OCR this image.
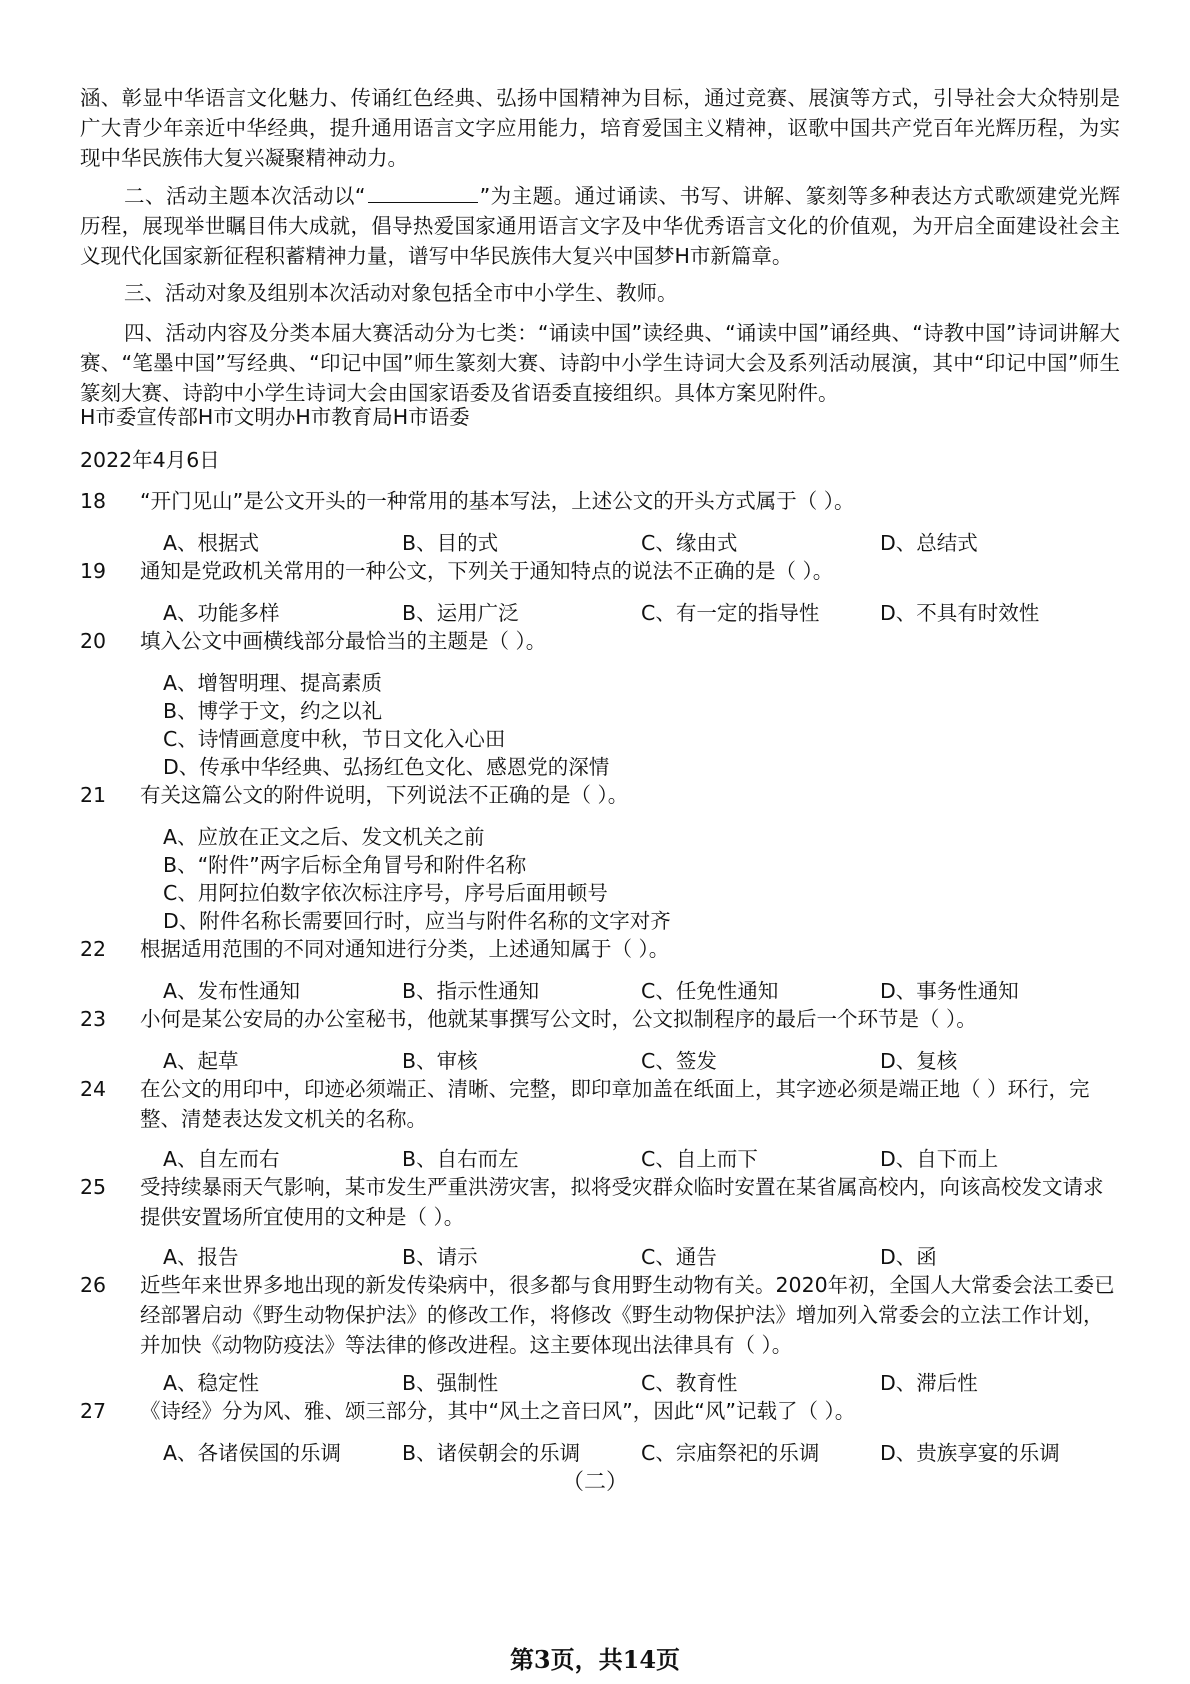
涵、彰显中华语言文化魅力、传诵红色经典、弘扬中国精神为目标，通过竞赛、展演等方式，引导社会大众特别是广大青少年亲近中华经典，提升通用语言文字应用能力，培育爱国主义精神，讴歌中国共产党百年光辉历程，为实现中华民族伟大复兴凝聚精神动力。
二、活动主题本次活动以“	”为主题。通过诵读、书写、讲解、篆刻等多种表达方式歌颂建党光辉历程，展现举世瞩目伟大成就，倡导热爱国家通用语言文字及中华优秀语言文化的价值观，为开启全面建设社会主义现代化国家新征程积蓄精神力量，谱写中华民族伟大复兴中国梦H市新篇章。
三、活动对象及组别本次活动对象包括全市中小学生、教师。
四、活动内容及分类本届大赛活动分为七类：“诵读中国”读经典、“诵读中国”诵经典、“诗教中国”诗词讲解大赛、“笔墨中国”写经典、“印记中国”师生篆刻大赛、诗韵中小学生诗词大会及系列活动展演，其中“印记中国”师生篆刻大赛、诗韵中小学生诗词大会由国家语委及省语委直接组织。具体方案见附件。
H市委宣传部H市文明办H市教育局H市语委
2022年4月6日
18	“开门见山”是公文开头的一种常用的基本写法，上述公文的开头方式属于（ ）。
A、根据式	B、目的式	C、缘由式	D、总结式
19	通知是党政机关常用的一种公文，下列关于通知特点的说法不正确的是（ ）。
A、功能多样	B、运用广泛	C、有一定的指导性	D、不具有时效性
20	填入公文中画横线部分最恰当的主题是（ ）。
A、增智明理、提高素质
B、博学于文，约之以礼
C、诗情画意度中秋，节日文化入心田
D、传承中华经典、弘扬红色文化、感恩党的深情
21	有关这篇公文的附件说明，下列说法不正确的是（ ）。
A、应放在正文之后、发文机关之前
B、“附件”两字后标全角冒号和附件名称
C、用阿拉伯数字依次标注序号，序号后面用顿号
D、附件名称长需要回行时，应当与附件名称的文字对齐
22	根据适用范围的不同对通知进行分类，上述通知属于（ ）。
A、发布性通知	B、指示性通知	C、任免性通知	D、事务性通知
23	小何是某公安局的办公室秘书，他就某事撰写公文时，公文拟制程序的最后一个环节是（ ）。
A、起草	B、审核	C、签发	D、复核
24	在公文的用印中，印迹必须端正、清晰、完整，即印章加盖在纸面上，其字迹必须是端正地（ ）环行，完整、清楚表达发文机关的名称。
A、自左而右	B、自右而左	C、自上而下	D、自下而上
25	受持续暴雨天气影响，某市发生严重洪涝灾害，拟将受灾群众临时安置在某省属高校内，向该高校发文请求提供安置场所宜使用的文种是（ ）。
A、报告	B、请示	C、通告	D、函
26	近些年来世界多地出现的新发传染病中，很多都与食用野生动物有关。2020年初，全国人大常委会法工委已经部署启动《野生动物保护法》的修改工作，将修改《野生动物保护法》增加列入常委会的立法工作计划，并加快《动物防疫法》等法律的修改进程。这主要体现出法律具有（ ）。
A、稳定性	B、强制性	C、教育性	D、滞后性
27	《诗经》分为风、雅、颂三部分，其中“风土之音曰风”，因此“风”记载了（ ）。
A、各诸侯国的乐调	B、诸侯朝会的乐调	C、宗庙祭祀的乐调	D、贵族享宴的乐调
（二）
第3页，共14页
